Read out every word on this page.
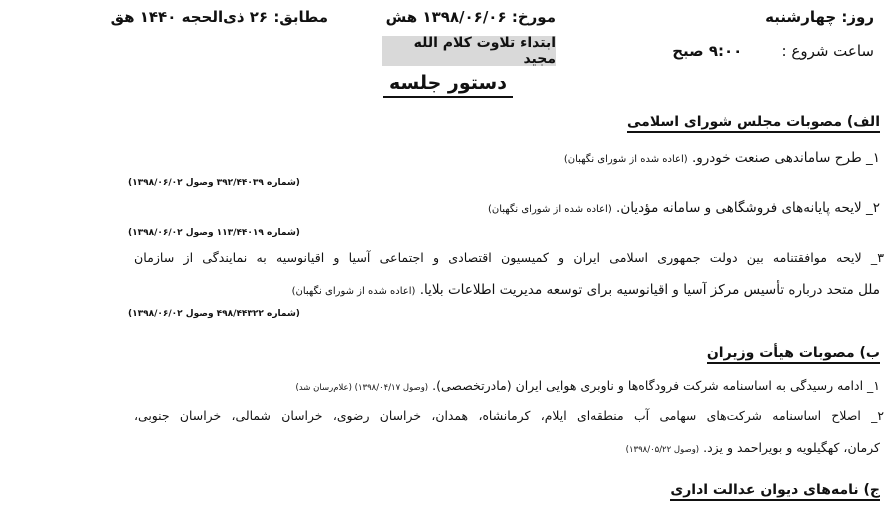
روز: چهارشنبه
مورخ: ۱۳۹۸/۰۶/۰۶ هش
مطابق: ۲۶ ذی‌الحجه ۱۴۴۰ هق
ساعت شروع : ۹:۰۰ صبح
ابتداء تلاوت کلام الله مجید
دستور جلسه
الف) مصوبات مجلس شورای اسلامی
۱_ طرح ساماندهی صنعت خودرو. (اعاده شده از شورای نگهبان)
(شماره ۳۹۲/۴۴۰۳۹ وصول ۱۳۹۸/۰۶/۰۲)
۲_ لایحه پایانه‌های فروشگاهی و سامانه مؤدیان. (اعاده شده از شورای نگهبان)
(شماره ۱۱۳/۴۴۰۱۹ وصول ۱۳۹۸/۰۶/۰۲)
۳_ لایحه موافقتنامه بین دولت جمهوری اسلامی ایران و کمیسیون اقتصادی و اجتماعی آسیا و اقیانوسیه به نمایندگی از سازمان
ملل متحد درباره تأسیس مرکز آسیا و اقیانوسیه برای توسعه مدیریت اطلاعات بلایا. (اعاده شده از شورای نگهبان)
(شماره ۴۹۸/۴۴۳۲۲ وصول ۱۳۹۸/۰۶/۰۲)
ب) مصوبات هیأت وزیران
۱_ ادامه رسیدگی به اساسنامه شرکت فرودگاه‌ها و ناوبری هوایی ایران (مادرتخصصی). (وصول ۱۳۹۸/۰۴/۱۷) (علام‌رسان شد)
۲_ اصلاح اساسنامه شرکت‌های سهامی آب منطقه‌ای ایلام، کرمانشاه، همدان، خراسان رضوی، خراسان شمالی، خراسان جنوبی،
کرمان، کهگیلویه و بویراحمد و یزد. (وصول ۱۳۹۸/۰۵/۲۲)
ج) نامه‌های دیوان عدالت اداری
